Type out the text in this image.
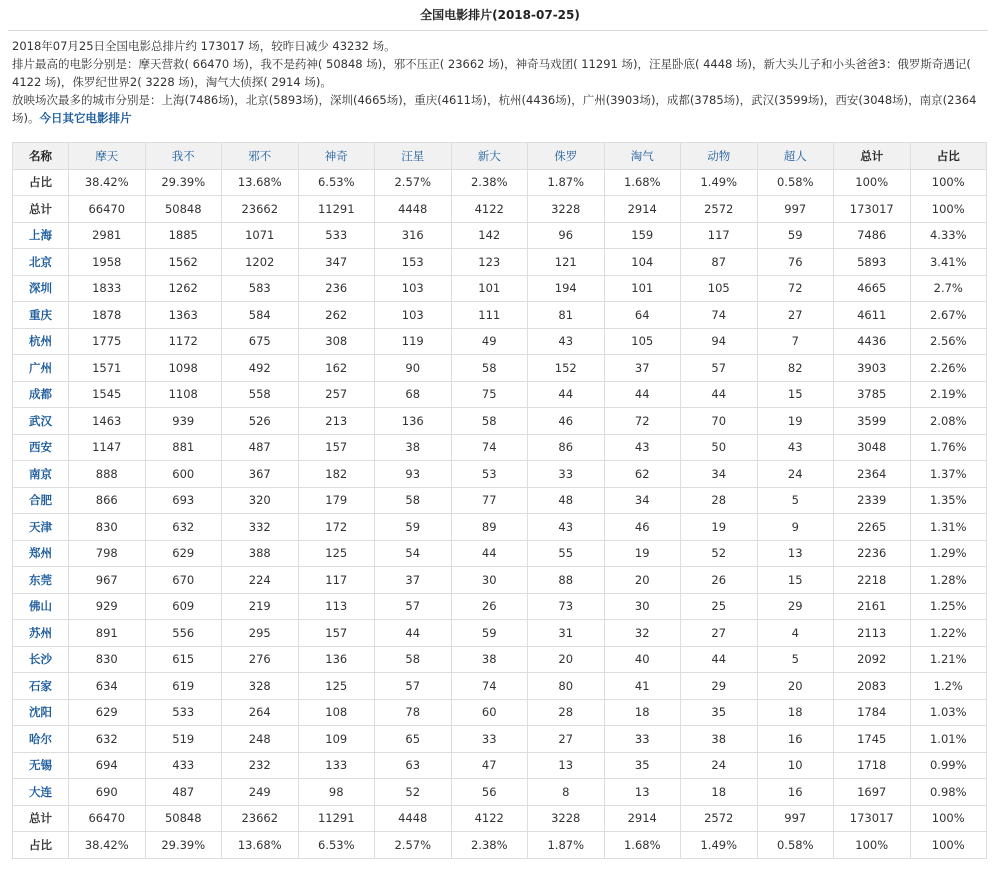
全国电影排片(2018-07-25)
2018年07月25日全国电影总排片约 173017 场，较昨日减少 43232 场。
排片最高的电影分别是：摩天营救( 66470 场)，我不是药神( 50848 场)，邪不压正( 23662 场)，神奇马戏团( 11291 场)，汪星卧底( 4448 场)，新大头儿子和小头爸爸3：俄罗斯奇遇记( 4122 场)，侏罗纪世界2( 3228 场)，淘气大侦探( 2914 场)。
放映场次最多的城市分别是：上海(7486场)，北京(5893场)，深圳(4665场)，重庆(4611场)，杭州(4436场)，广州(3903场)，成都(3785场)，武汉(3599场)，西安(3048场)，南京(2364场)。今日其它电影排片
名称	摩天	我不	邪不	神奇	汪星	新大	侏罗	淘气	动物	超人	总计	占比
占比	38.42%	29.39%	13.68%	6.53%	2.57%	2.38%	1.87%	1.68%	1.49%	0.58%	100%	100%
总计	66470	50848	23662	11291	4448	4122	3228	2914	2572	997	173017	100%
上海	2981	1885	1071	533	316	142	96	159	117	59	7486	4.33%
北京	1958	1562	1202	347	153	123	121	104	87	76	5893	3.41%
深圳	1833	1262	583	236	103	101	194	101	105	72	4665	2.7%
重庆	1878	1363	584	262	103	111	81	64	74	27	4611	2.67%
杭州	1775	1172	675	308	119	49	43	105	94	7	4436	2.56%
广州	1571	1098	492	162	90	58	152	37	57	82	3903	2.26%
成都	1545	1108	558	257	68	75	44	44	44	15	3785	2.19%
武汉	1463	939	526	213	136	58	46	72	70	19	3599	2.08%
西安	1147	881	487	157	38	74	86	43	50	43	3048	1.76%
南京	888	600	367	182	93	53	33	62	34	24	2364	1.37%
合肥	866	693	320	179	58	77	48	34	28	5	2339	1.35%
天津	830	632	332	172	59	89	43	46	19	9	2265	1.31%
郑州	798	629	388	125	54	44	55	19	52	13	2236	1.29%
东莞	967	670	224	117	37	30	88	20	26	15	2218	1.28%
佛山	929	609	219	113	57	26	73	30	25	29	2161	1.25%
苏州	891	556	295	157	44	59	31	32	27	4	2113	1.22%
长沙	830	615	276	136	58	38	20	40	44	5	2092	1.21%
石家	634	619	328	125	57	74	80	41	29	20	2083	1.2%
沈阳	629	533	264	108	78	60	28	18	35	18	1784	1.03%
哈尔	632	519	248	109	65	33	27	33	38	16	1745	1.01%
无锡	694	433	232	133	63	47	13	35	24	10	1718	0.99%
大连	690	487	249	98	52	56	8	13	18	16	1697	0.98%
总计	66470	50848	23662	11291	4448	4122	3228	2914	2572	997	173017	100%
占比	38.42%	29.39%	13.68%	6.53%	2.57%	2.38%	1.87%	1.68%	1.49%	0.58%	100%	100%
